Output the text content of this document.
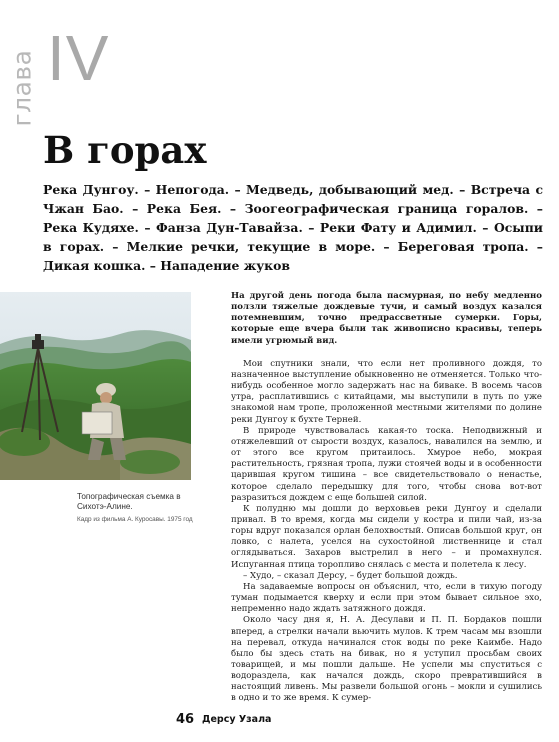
глава IV
В горах
Река Дунгоу. – Непогода. – Медведь, добывающий мед. – Встреча с Чжан Бао. – Река Бея. – Зоогеографическая граница горалов. – Река Кудяхе. – Фанза Дун-Тавайза. – Реки Фату и Адимил. – Осыпи в горах. – Мелкие речки, текущие в море. – Береговая тропа. – Дикая кошка. – Нападение жуков
Топографическая съемка в Сихотэ-Алине.
Кадр из фильма А. Куросавы. 1975 год

На другой день погода была пасмурная, по небу медленно ползли тяжелые дождевые тучи, и самый воздух казался потемневшим, точно предрассветные сумерки. Горы, которые еще вчера были так живописно красивы, теперь имели угрюмый вид.

Мои спутники знали, что если нет проливного дождя, то назначенное выступление обыкновенно не отменяется. Только что-нибудь особенное могло задержать нас на биваке. В восемь часов утра, расплатившись с китайцами, мы выступили в путь по уже знакомой нам тропе, проложенной местными жителями по долине реки Дунгоу к бухте Терней.

В природе чувствовалась какая-то тоска. Неподвижный и отяжелевший от сырости воздух, казалось, навалился на землю, и от этого все кругом притаилось. Хмурое небо, мокрая растительность, грязная тропа, лужи стоячей воды и в особенности царившая кругом тишина – все свидетельствовало о ненастье, которое сделало передышку для того, чтобы снова вот-вот разразиться дождем с еще большей силой.

К полудню мы дошли до верховьев реки Дунгоу и сделали привал. В то время, когда мы сидели у костра и пили чай, из-за горы вдруг показался орлан белохвостый. Описав большой круг, он ловко, с налета, уселся на сухостойной лиственнице и стал оглядываться. Захаров выстрелил в него – и промахнулся. Испуганная птица торопливо снялась с места и полетела к лесу.

– Худо, – сказал Дерсу, – будет большой дождь.

На задаваемые вопросы он объяснил, что, если в тихую погоду туман подымается кверху и если при этом бывает сильное эхо, непременно надо ждать затяжного дождя.

Около часу дня я, Н. А. Десулави и П. П. Бордаков пошли вперед, а стрелки начали вьючить мулов. К трем часам мы взошли на перевал, откуда начинался сток воды по реке Каимбе. Надо было бы здесь стать на бивак, но я уступил просьбам своих товарищей, и мы пошли дальше. Не успели мы спуститься с водораздела, как начался дождь, скоро превратившийся в настоящий ливень. Мы развели большой огонь – мокли и сушились в одно и то же время. К сумер-

46 Дерсу Узала
